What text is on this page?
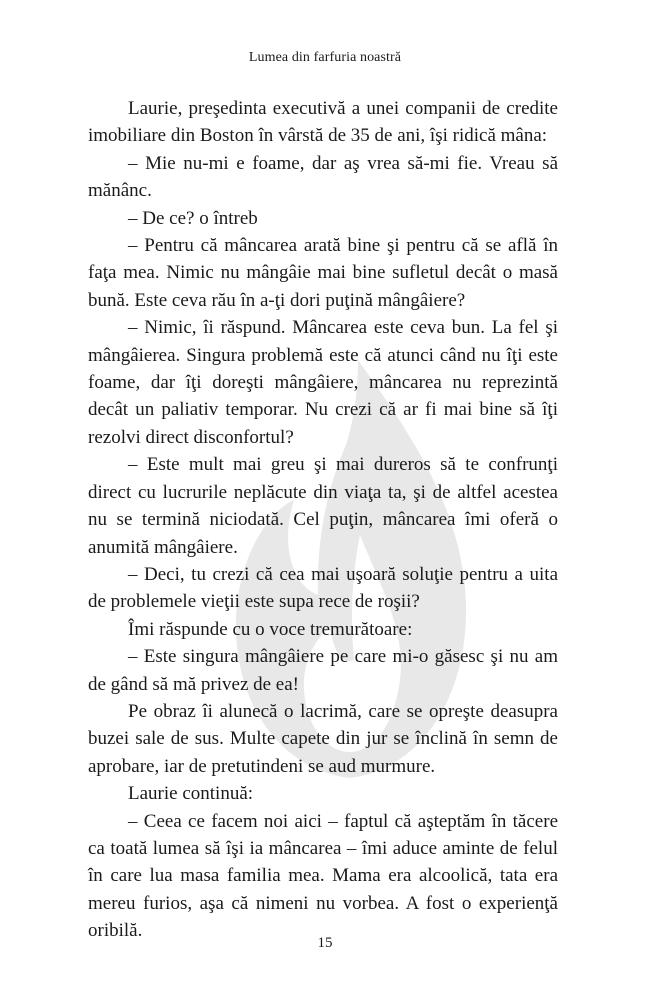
Lumea din farfuria noastră

Laurie, preşedinta executivă a unei companii de credite imobiliare din Boston în vârstă de 35 de ani, îşi ridică mâna:

– Mie nu-mi e foame, dar aş vrea să-mi fie. Vreau să mănânc.

– De ce? o întreb

– Pentru că mâncarea arată bine şi pentru că se află în faţa mea. Nimic nu mângâie mai bine sufletul decât o masă bună. Este ceva rău în a-ţi dori puţină mângâiere?

– Nimic, îi răspund. Mâncarea este ceva bun. La fel şi mângâierea. Singura problemă este că atunci când nu îţi este foame, dar îţi doreşti mângâiere, mâncarea nu reprezintă decât un paliativ temporar. Nu crezi că ar fi mai bine să îţi rezolvi direct disconfortul?

– Este mult mai greu şi mai dureros să te confrunţi direct cu lucrurile neplăcute din viaţa ta, şi de altfel acestea nu se termină niciodată. Cel puţin, mâncarea îmi oferă o anumită mângâiere.

– Deci, tu crezi că cea mai uşoară soluţie pentru a uita de problemele vieţii este supa rece de roşii?

Îmi răspunde cu o voce tremurătoare:

– Este singura mângâiere pe care mi-o găsesc şi nu am de gând să mă privez de ea!

Pe obraz îi alunecă o lacrimă, care se opreşte deasupra buzei sale de sus. Multe capete din jur se înclină în semn de aprobare, iar de pretutindeni se aud murmure.

Laurie continuă:

– Ceea ce facem noi aici – faptul că aşteptăm în tăcere ca toată lumea să îşi ia mâncarea – îmi aduce aminte de felul în care lua masa familia mea. Mama era alcoolică, tata era mereu furios, aşa că nimeni nu vorbea. A fost o experienţă oribilă.

15
